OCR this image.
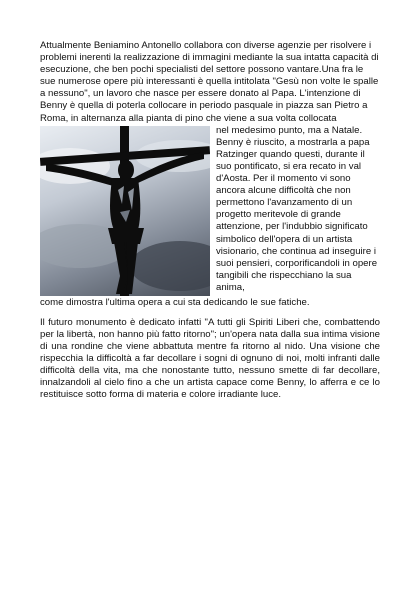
Attualmente Beniamino Antonello collabora con diverse agenzie per risolvere i problemi inerenti la realizzazione di immagini mediante la sua intatta capacità di esecuzione, che ben pochi specialisti del settore possono vantare.Una fra le sue numerose opere più interessanti è quella intitolata "Gesù non volte le spalle a nessuno", un lavoro che nasce per essere donato al Papa. L'intenzione di Benny è quella di poterla collocare in periodo pasquale in piazza san Pietro a Roma, in alternanza alla pianta di pino che viene a sua volta collocata

nel medesimo punto, ma a Natale. Benny è riuscito, a mostrarla a papa Ratzinger quando questi, durante il suo pontificato, si era recato in val d'Aosta. Per il momento vi sono ancora alcune difficoltà che non permettono l'avanzamento di un progetto meritevole di grande attenzione, per l'indubbio significato simbolico dell'opera di un artista visionario, che continua ad inseguire i suoi pensieri, corporificandoli in opere tangibili che rispecchiano la sua anima,

come dimostra l'ultima opera a cui sta dedicando le sue fatiche.

Il futuro monumento è dedicato infatti "A tutti gli Spiriti Liberi che, combattendo per la libertà, non hanno più fatto ritorno"; un'opera nata dalla sua intima visione di una rondine che viene abbattuta mentre fa ritorno al nido. Una visione che rispecchia la difficoltà a far decollare i sogni di ognuno di noi, molti infranti dalle difficoltà della vita, ma che nonostante tutto, nessuno smette di far decollare, innalzandoli al cielo fino a che un artista capace come Benny, lo afferra e ce lo restituisce sotto forma di materia e colore irradiante luce.
